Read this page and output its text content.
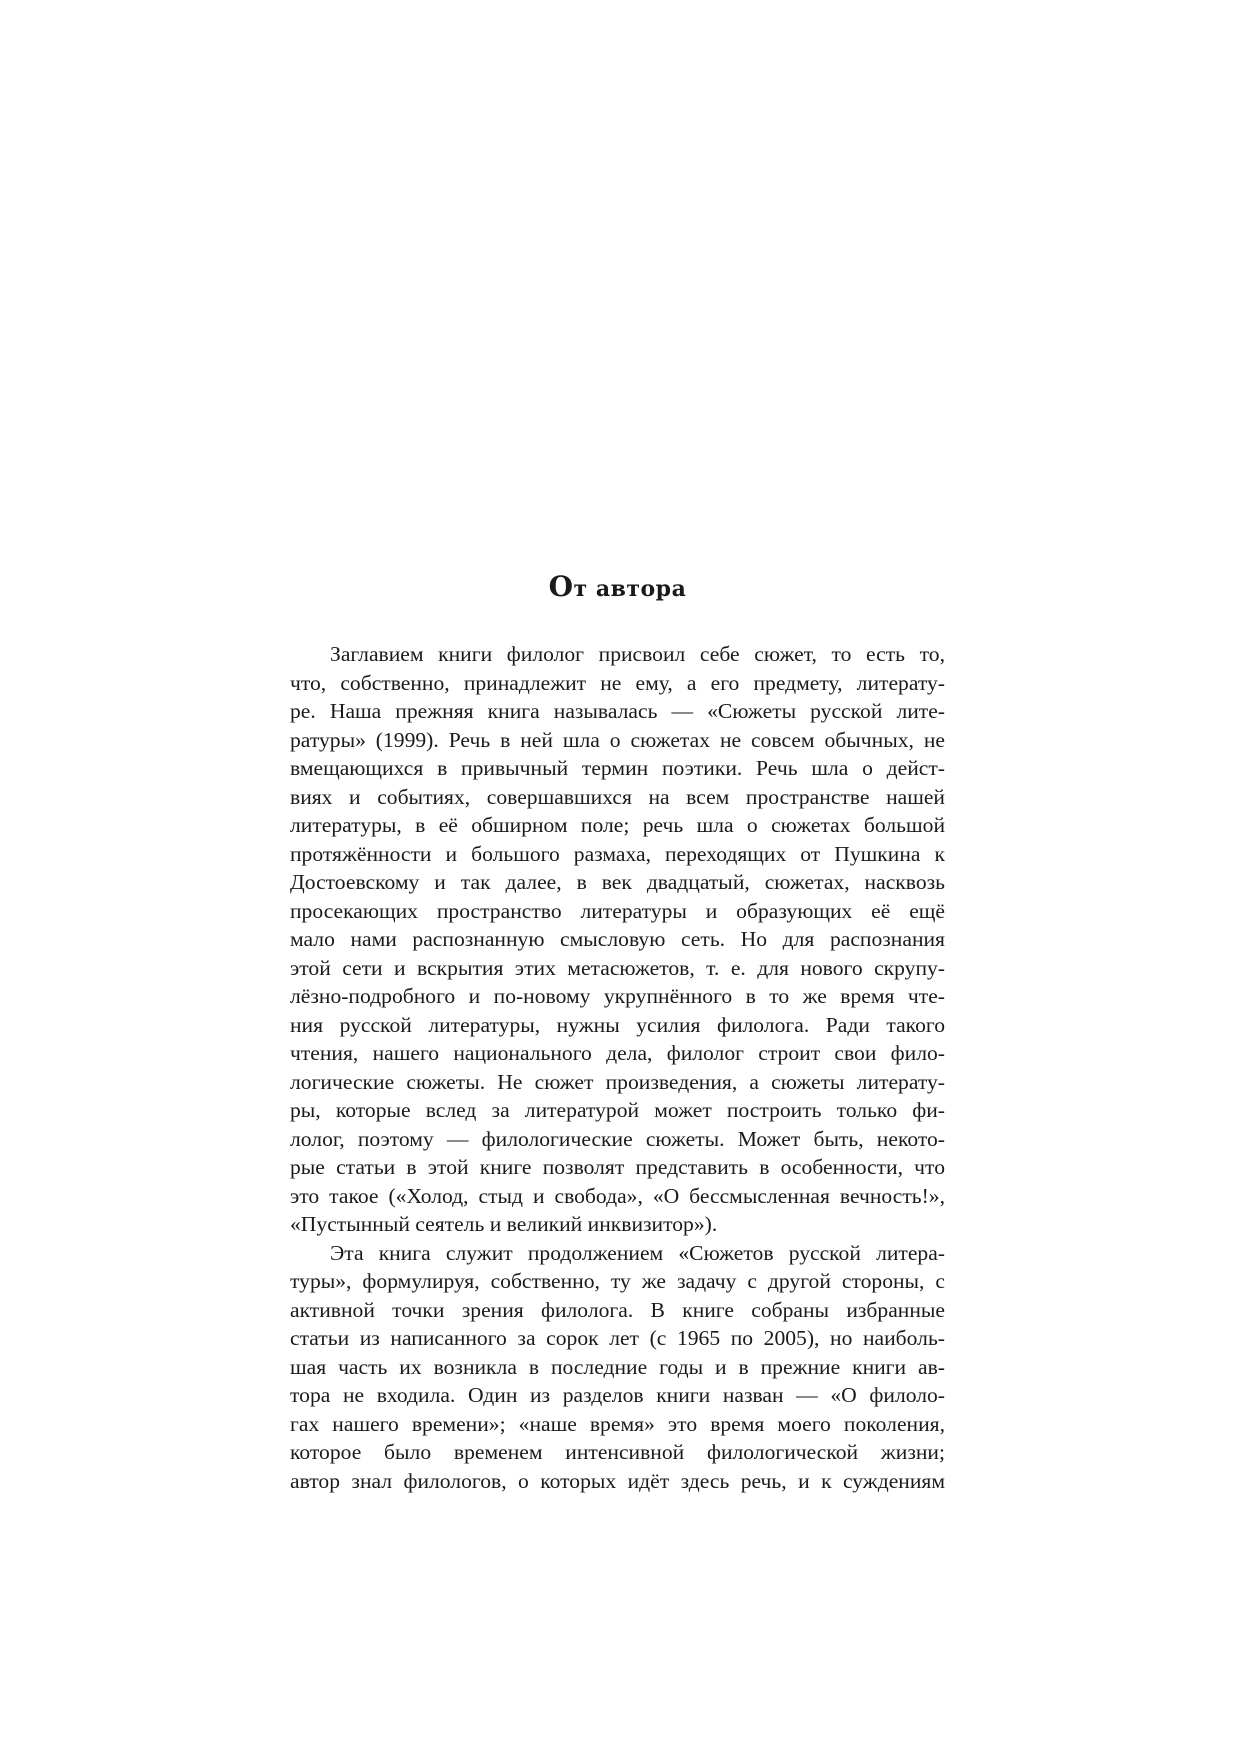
От автора
Заглавием книги филолог присвоил себе сюжет, то есть то,
что, собственно, принадлежит не ему, а его предмету, литерату-
ре. Наша прежняя книга называлась — «Сюжеты русской лите-
ратуры» (1999). Речь в ней шла о сюжетах не совсем обычных, не
вмещающихся в привычный термин поэтики. Речь шла о дейст-
виях и событиях, совершавшихся на всем пространстве нашей
литературы, в её обширном поле; речь шла о сюжетах большой
протяжённости и большого размаха, переходящих от Пушкина к
Достоевскому и так далее, в век двадцатый, сюжетах, насквозь
просекающих пространство литературы и образующих её ещё
мало нами распознанную смысловую сеть. Но для распознания
этой сети и вскрытия этих метасюжетов, т. е. для нового скрупу-
лёзно-подробного и по-новому укрупнённого в то же время чте-
ния русской литературы, нужны усилия филолога. Ради такого
чтения, нашего национального дела, филолог строит свои фило-
логические сюжеты. Не сюжет произведения, а сюжеты литерату-
ры, которые вслед за литературой может построить только фи-
лолог, поэтому — филологические сюжеты. Может быть, некото-
рые статьи в этой книге позволят представить в особенности, что
это такое («Холод, стыд и свобода», «О бессмысленная вечность!»,
«Пустынный сеятель и великий инквизитор»).
Эта книга служит продолжением «Сюжетов русской литера-
туры», формулируя, собственно, ту же задачу с другой стороны, с
активной точки зрения филолога. В книге собраны избранные
статьи из написанного за сорок лет (с 1965 по 2005), но наиболь-
шая часть их возникла в последние годы и в прежние книги ав-
тора не входила. Один из разделов книги назван — «О филоло-
гах нашего времени»; «наше время» это время моего поколения,
которое было временем интенсивной филологической жизни;
автор знал филологов, о которых идёт здесь речь, и к суждениям
